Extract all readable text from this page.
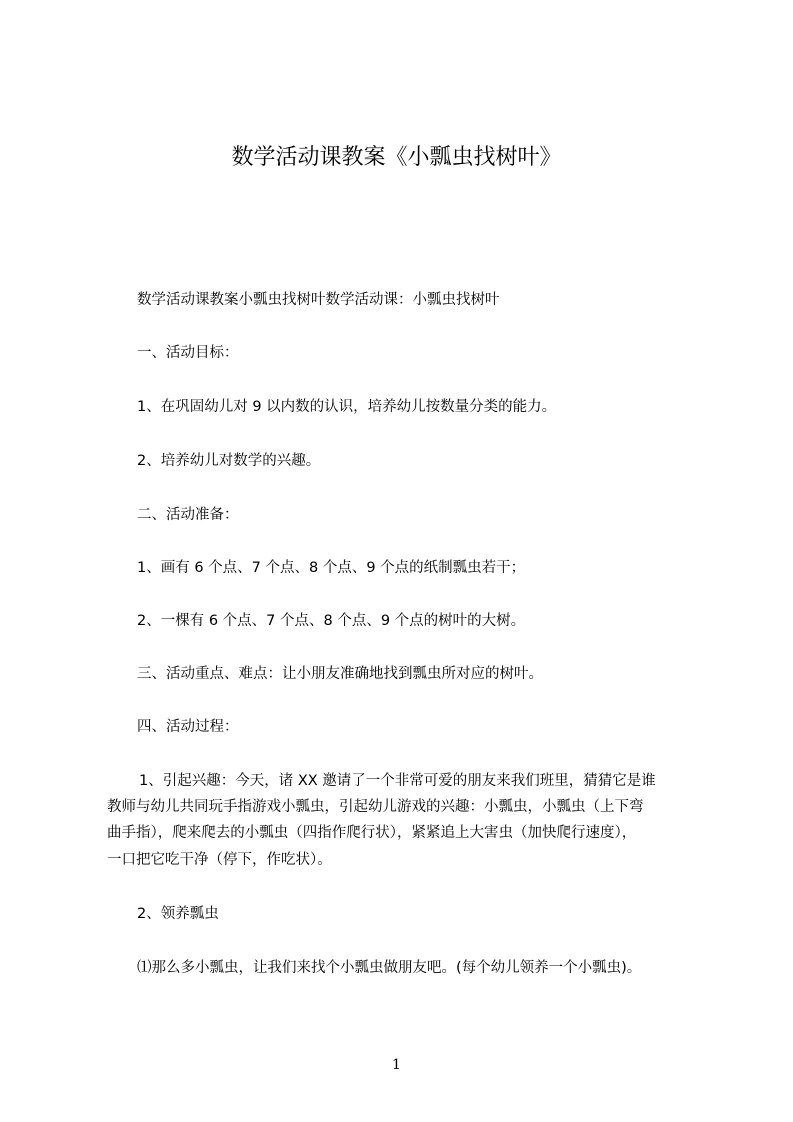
数学活动课教案《小瓢虫找树叶》
数学活动课教案小瓢虫找树叶数学活动课：小瓢虫找树叶
一、活动目标：
1、在巩固幼儿对 9 以内数的认识，培养幼儿按数量分类的能力。
2、培养幼儿对数学的兴趣。
二、活动准备：
1、画有 6 个点、7 个点、8 个点、9 个点的纸制瓢虫若干；
2、一棵有 6 个点、7 个点、8 个点、9 个点的树叶的大树。
三、活动重点、难点：让小朋友准确地找到瓢虫所对应的树叶。
四、活动过程：
1、引起兴趣：今天，诸 XX 邀请了一个非常可爱的朋友来我们班里，猜猜它是谁
教师与幼儿共同玩手指游戏小瓢虫，引起幼儿游戏的兴趣：小瓢虫，小瓢虫（上下弯
曲手指），爬来爬去的小瓢虫（四指作爬行状），紧紧追上大害虫（加快爬行速度），
一口把它吃干净（停下，作吃状）。
2、领养瓢虫
⑴那么多小瓢虫，让我们来找个小瓢虫做朋友吧。(每个幼儿领养一个小瓢虫)。
1
